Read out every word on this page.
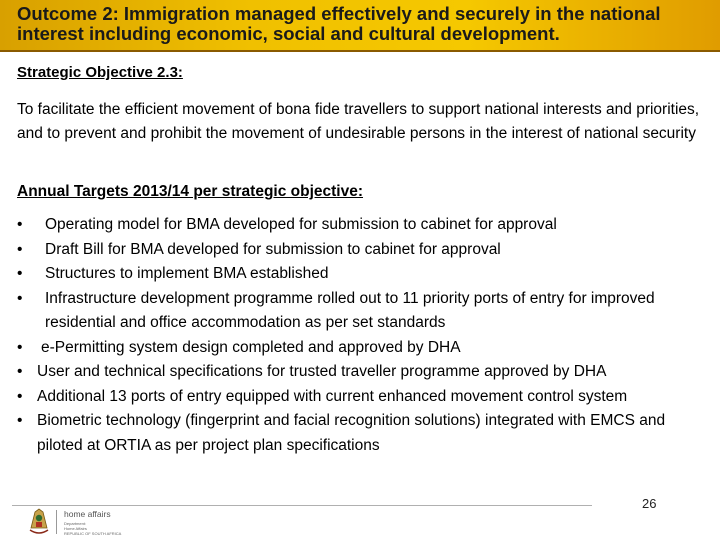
Outcome 2: Immigration managed effectively and securely in the national interest including economic, social and cultural development.

Strategic Objective 2.3:

To facilitate the efficient movement of bona fide travellers to support national interests and priorities, and to prevent and prohibit the movement of undesirable persons in the interest of national security

Annual Targets 2013/14 per strategic objective:

• Operating model for BMA developed for submission to cabinet for approval
• Draft Bill for BMA developed for submission to cabinet for approval
• Structures to implement BMA established
• Infrastructure development programme rolled out to 11 priority ports of entry for improved residential and office accommodation as per set standards
• e-Permitting system design completed and approved by DHA
• User and technical specifications for trusted traveller programme approved by DHA
• Additional 13 ports of entry equipped with current enhanced movement control system
• Biometric technology (fingerprint and facial recognition solutions) integrated with EMCS and piloted at ORTIA as per project plan specifications

26

home affairs
Department:
Home Affairs
REPUBLIC OF SOUTH AFRICA
